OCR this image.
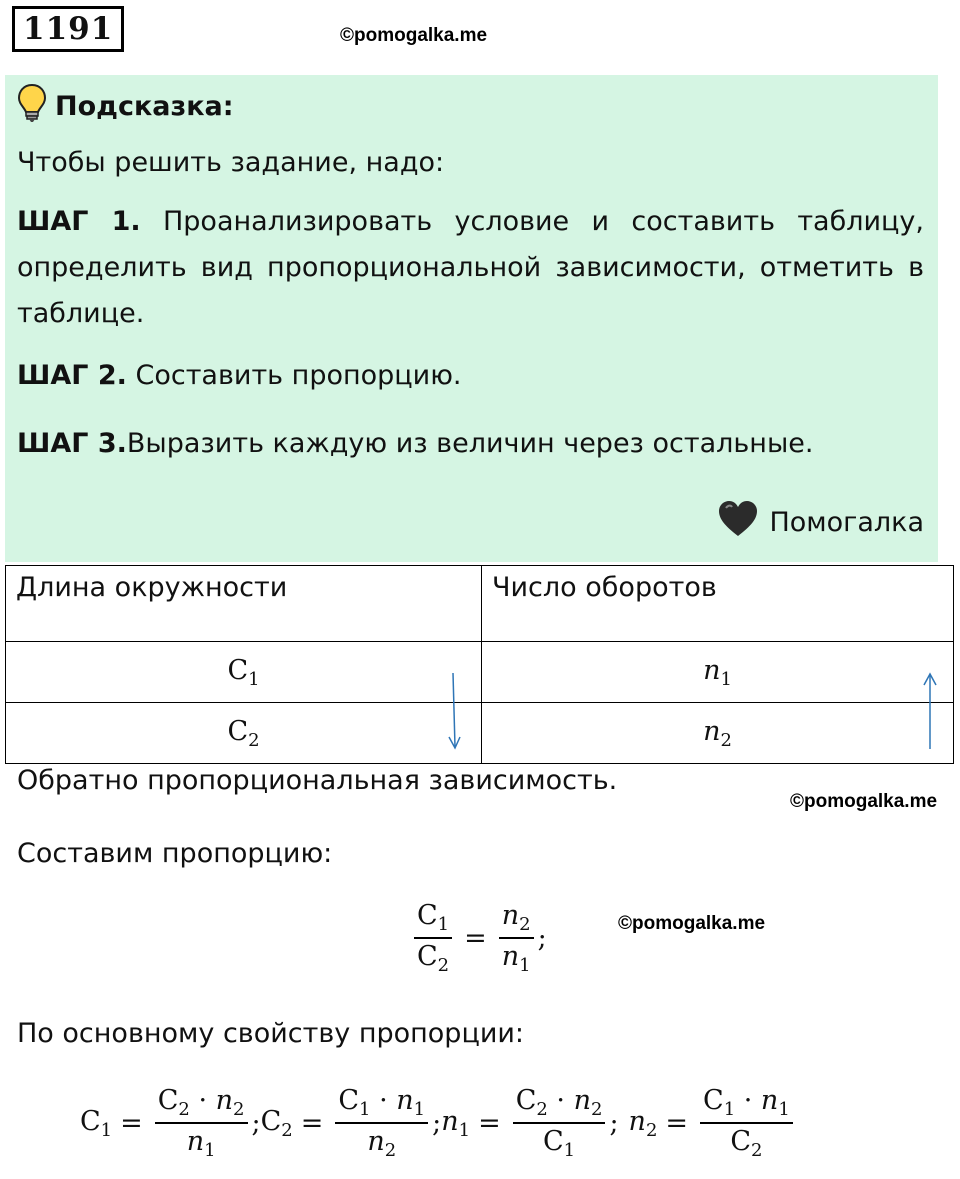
1191	©pomogalka.me
Подсказка:
Чтобы решить задание, надо:
ШАГ 1. Проанализировать условие и составить таблицу, определить вид пропорциональной зависимости, отметить в таблице.
ШАГ 2. Составить пропорцию.
ШАГ 3.Выразить каждую из величин через остальные.
Помогалка
Длина окружности	Число оборотов
$C_1$	$n_1$
$C_2$	$n_2$
Обратно пропорциональная зависимость.
©pomogalka.me
Составим пропорцию:
$\frac{C_1}{C_2} = \frac{n_2}{n_1}$ ;	©pomogalka.me
По основному свойству пропорции:
$C_1 = \frac{C_2 \cdot n_2}{n_1}$ ; $C_2 = \frac{C_1 \cdot n_1}{n_2}$ ; $n_1 = \frac{C_2 \cdot n_2}{C_1}$ ; $n_2 = \frac{C_1 \cdot n_1}{C_2}$
